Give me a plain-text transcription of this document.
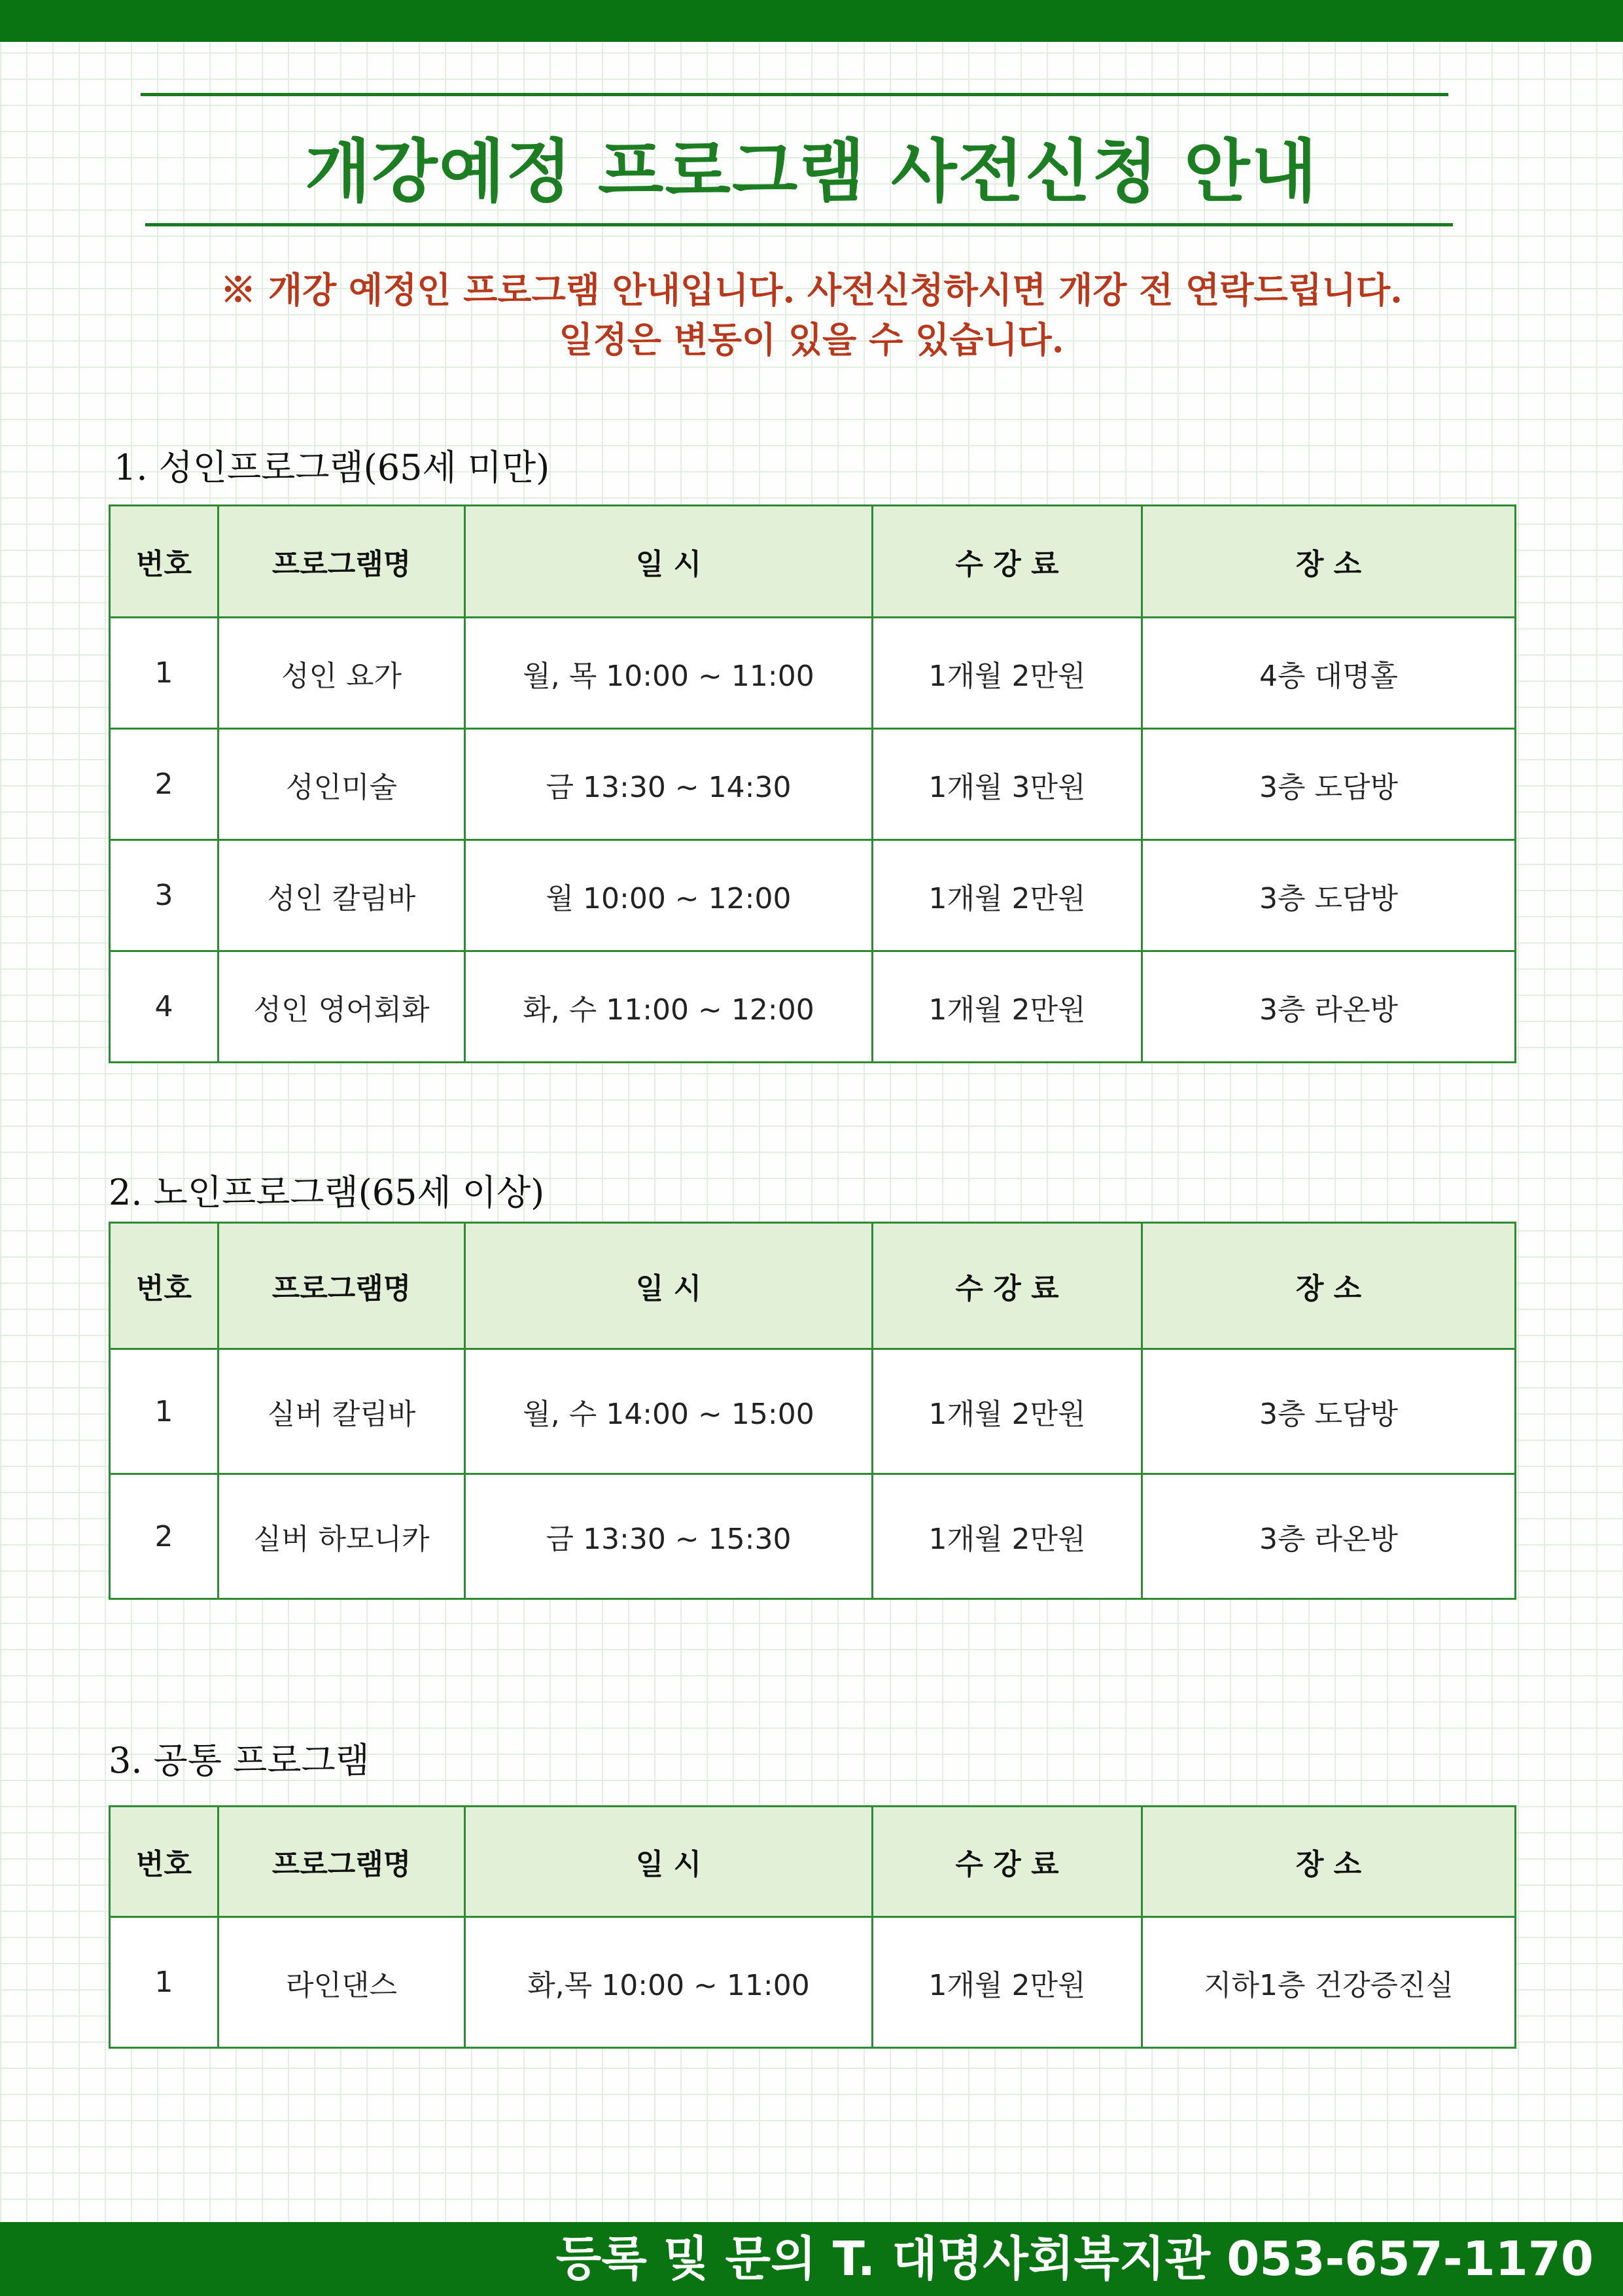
개강예정 프로그램 사전신청 안내
※ 개강 예정인 프로그램 안내입니다. 사전신청하시면 개강 전 연락드립니다.
일정은 변동이 있을 수 있습니다.
1. 성인프로그램(65세 미만)
번호	프로그램명	일 시	수 강 료	장 소
1	성인 요가	월, 목 10:00 ~ 11:00	1개월 2만원	4층 대명홀
2	성인미술	금 13:30 ~ 14:30	1개월 3만원	3층 도담방
3	성인 칼림바	월 10:00 ~ 12:00	1개월 2만원	3층 도담방
4	성인 영어회화	화, 수 11:00 ~ 12:00	1개월 2만원	3층 라온방
2. 노인프로그램(65세 이상)
번호	프로그램명	일 시	수 강 료	장 소
1	실버 칼림바	월, 수 14:00 ~ 15:00	1개월 2만원	3층 도담방
2	실버 하모니카	금 13:30 ~ 15:30	1개월 2만원	3층 라온방
3. 공통 프로그램
번호	프로그램명	일 시	수 강 료	장 소
1	라인댄스	화,목 10:00 ~ 11:00	1개월 2만원	지하1층 건강증진실
등록 및 문의 T. 대명사회복지관 053-657-1170
